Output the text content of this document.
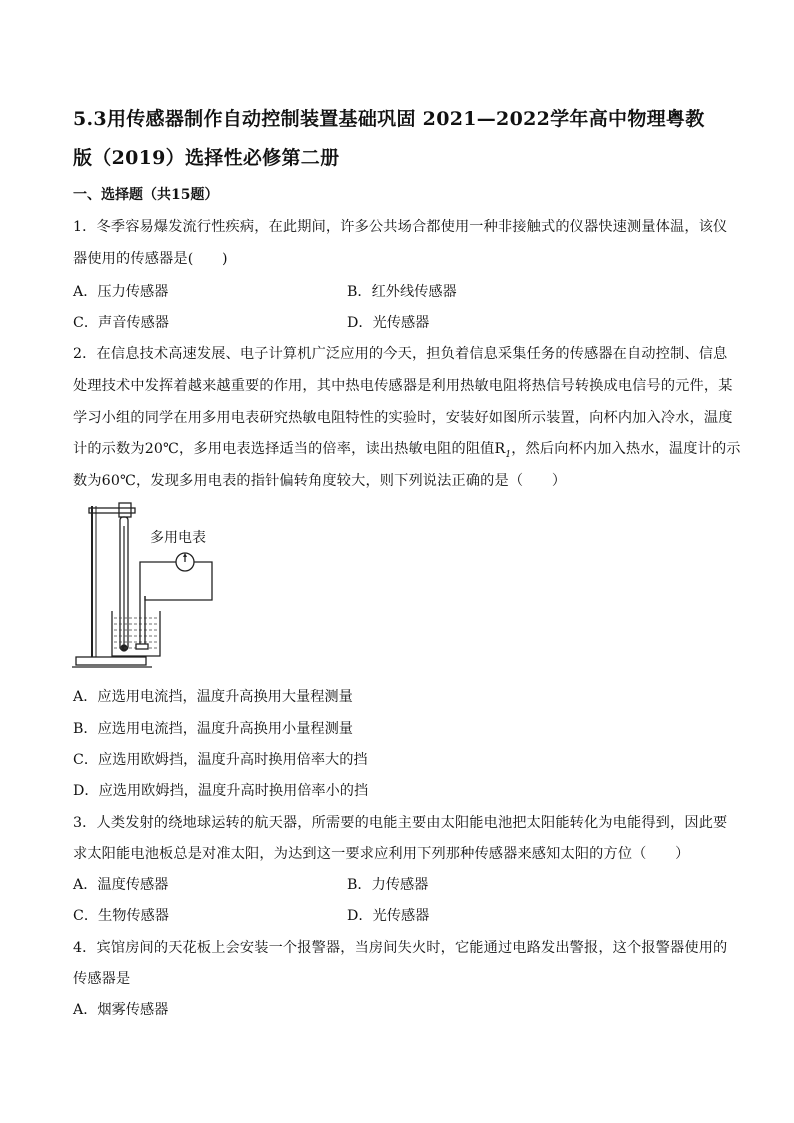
5.3用传感器制作自动控制装置基础巩固 2021—2022学年高中物理粤教版（2019）选择性必修第二册
一、选择题（共15题）
1．冬季容易爆发流行性疾病，在此期间，许多公共场合都使用一种非接触式的仪器快速测量体温，该仪
器使用的传感器是(　　)
A．压力传感器	B．红外线传感器
C．声音传感器	D．光传感器
2．在信息技术高速发展、电子计算机广泛应用的今天，担负着信息采集任务的传感器在自动控制、信息
处理技术中发挥着越来越重要的作用，其中热电传感器是利用热敏电阻将热信号转换成电信号的元件，某
学习小组的同学在用多用电表研究热敏电阻特性的实验时，安装好如图所示装置，向杯内加入冷水，温度
计的示数为20℃，多用电表选择适当的倍率，读出热敏电阻的阻值$R_1$，然后向杯内加入热水，温度计的示
数为60℃，发现多用电表的指针偏转角度较大，则下列说法正确的是（　　）
多用电表
A．应选用电流挡，温度升高换用大量程测量
B．应选用电流挡，温度升高换用小量程测量
C．应选用欧姆挡，温度升高时换用倍率大的挡
D．应选用欧姆挡，温度升高时换用倍率小的挡
3．人类发射的绕地球运转的航天器，所需要的电能主要由太阳能电池把太阳能转化为电能得到，因此要
求太阳能电池板总是对准太阳，为达到这一要求应利用下列那种传感器来感知太阳的方位（　　）
A．温度传感器	B．力传感器
C．生物传感器	D．光传感器
4．宾馆房间的天花板上会安装一个报警器，当房间失火时，它能通过电路发出警报，这个报警器使用的
传感器是
A．烟雾传感器
